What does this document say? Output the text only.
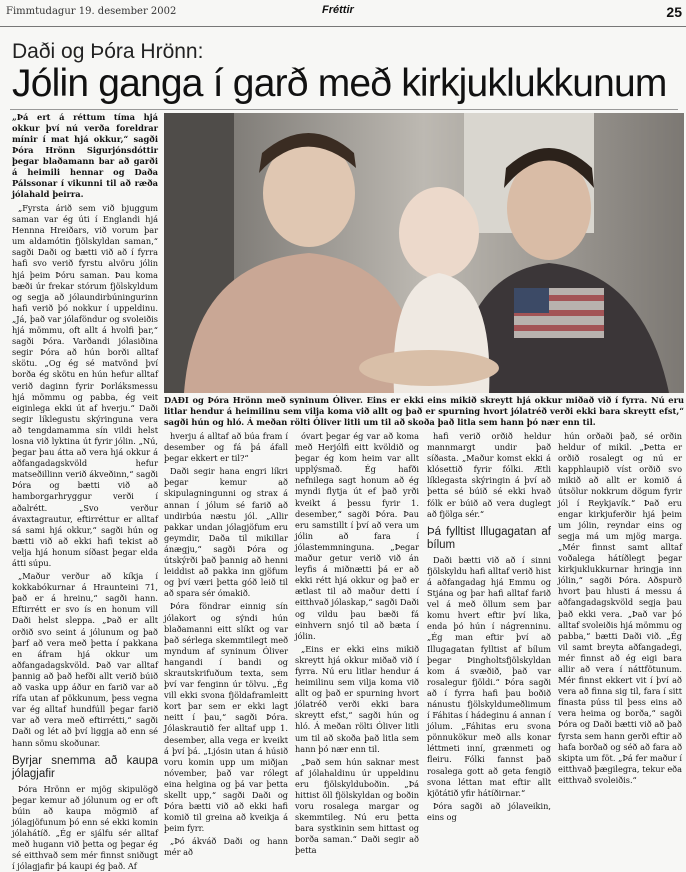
Fimmtudagur 19. desember 2002	Fréttir	25
Daði og Þóra Hrönn:
Jólin ganga í garð með kirkjuklukkunum

„Þá ert á réttum tíma hjá okkur því nú verða foreldrar mínir í mat hjá okkur,“ sagði Þóra Hrönn Sigurjónsdóttir þegar blaðamann bar að garði á heimili hennar og Daða Pálssonar í vikunni til að ræða jólahald þeirra.

„Fyrsta árið sem við bjuggum saman var ég úti í Englandi hjá Hennna Hreiðars, við vorum þar um aldamótin fjölskyldan saman,“ sagði Daði og bætti við að í fyrra hafi svo verið fyrstu alvöru jólin hjá þeim Þóru saman. Þau koma bæði úr frekar stórum fjölskyldum og segja að jólaundirbúningurinn hafi verið þó nokkur í uppeldinu. „Já, það var jólaföndur og svoleiðis hjá mömmu, oft allt á hvolfi þar,“ sagði Þóra. Varðandi jólasiðina segir Þóra að hún borði alltaf skötu. „Og ég sé matvönd því borða ég skötu en hún hefur alltaf verið daginn fyrir Þorláksmessu hjá mömmu og pabba, ég veit eiginlega ekki út af hverju.“ Daði segir líklegustu skýringuna vera að tengdamamma sín vildi helst losna við lyktina út fyrir jólin. „Nú, þegar þau átta að vera hjá okkur á aðfangadagskvöld hefur matseðillinn verið ákveðinn,“ sagði Þóra og bætti við að hamborgarhryggur verði í aðalrétt. „Svo verður ávaxtagrautur, eftirréttur er alltaf sá sami hjá okkur,“ sagði hún og bætti við að ekki hafi tekist að velja hjá honum síðast þegar elda átti súpu.

„Maður verður að kíkja í kokkabókurnar á Hraunteini 71, það er á hreinu,“ sagði hann. Eftirrétt er svo ís en honum vill Daði helst sleppa. „Það er allt orðið svo seint á jólunum og það þarf að vera með þetta í pakkana en áfram hjá okkur um aðfangadagskvöld. Það var alltaf þannig að það hefði allt verið búið að vaska upp áður en farið var að rífa utan af pökkunum, þess vegna var ég alltaf hundfúll þegar farið var að vera með eftirrétti,“ sagði Daði og lét að því liggja að enn sé hann sömu skoðunar.

Byrjar snemma að kaupa jólagjafir

Þóra Hrönn er mjög skipulögð þegar kemur að jólunum og er oft búin að kaupa mögmið af jólagjöfunum þó enn sé ekki komin jólahátíð. „Ég er sjálfu sér alltaf með hugann við þetta og þegar ég sé eitthvað sem mér finnst sniðugt í jólagjafir þá kaupi ég það. Af

DAÐI og Þóra Hrönn með syninum Óliver. Eins er ekki eins mikið skreytt hjá okkur miðað við í fyrra. Nú eru litlar hendur á heimilinu sem vilja koma við allt og það er spurning hvort jólatréð verði ekki bara skreytt efst,“ sagði hún og hló. Á meðan rölti Óliver litli um til að skoða það litla sem hann þó nær enn til.

hverju á alltaf að búa fram í desember og fá þá áfall þegar ekkert er til?“

Daði segir hana engri líkri þegar kemur að skipulagningunni og strax á annan í jólum sé farið að undirbúa næstu jól. „Allir pakkar undan jólagjöfum eru geymdir, Daða til mikillar ánægju,“ sagði Þóra og útskýrði það þannig að henni leiddist að pakka inn gjöfum og því væri þetta góð leið til að spara sér ómakið.

Þóra föndrar einnig sín jólakort og sýndi hún blaðamanni eitt slíkt og var það sérlega skemmtilegt með myndum af syninum Óliver hangandi í bandi og skrautskrifuðum texta, sem því var fenginn úr tölvu. „Ég vill ekki svona fjöldaframleitt kort þar sem er ekki lagt neitt í þau,“ sagði Þóra. Jólaskrautið fer alltaf upp 1. desember, alla vega er kveikt á því þá. „Ljósin utan á húsið voru komin upp um miðjan nóvember, það var rólegt eina helgina og þá var þetta skellt upp,“ sagði Daði og Þóra bætti við að ekki hafi komið til greina að kveikja á þeim fyrr.

„Þó ákváð Daði og hann mér að

óvart þegar ég var að koma með Herjólfi eitt kvöldið og þegar ég kom heim var allt upplýsmað. Ég hafði nefnilega sagt honum að ég myndi flytja út ef það yrði kveikt á þessu fyrir 1. desember,“ sagði Þóra. Þau eru samstillt í því að vera um jólin að fara í jólastemmninguna. „Þegar maður getur verið við án leyfis á miðnætti þá er að ekki rétt hjá okkur og það er ætlast til að maður detti í eitthvað jólaskap,“ sagði Daði og vildu þau bæði fá einhvern snjó til að bæta í jólin.

„Eins er ekki eins mikið skreytt hjá okkur miðað við í fyrra. Nú eru litlar hendur á heimilinu sem vilja koma við allt og það er spurning hvort jólatréð verði ekki bara skreytt efst,“ sagði hún og hló. Á meðan rölti Óliver litli um til að skoða það litla sem hann þó nær enn til.

„Það sem hún saknar mest af jólahaldinu úr uppeldinu eru fjölskylduboðin. „Þá hittist öll fjölskyldan og boðin voru rosalega margar og skemmtileg. Nú eru þetta bara systkinin sem hittast og borða saman.“ Daði segir að þetta

hafi verið orðið heldur mannmargt undir það síðasta. „Maður komst ekki á klósettið fyrir fólki. Ætli líklegasta skýringin á því að þetta sé búið sé ekki hvað fólk er búið að vera duglegt að fjölga sér.“

Þá fylltist Illugagatan af bílum

Daði bætti við að í sinni fjölskyldu hafi alltaf verið hist á aðfangadag hjá Emmu og Stjána og þar hafi alltaf farið vel á með öllum sem þar komu hvert eftir því lika, enda þó hún í nágrenninu. „Ég man eftir því að Illugagatan fylltist af bílum þegar Þingholtsfjölskyldan kom á svæðið, það var rosalegur fjöldi.“ Þóra sagði að í fyrra hafi þau boðið nánustu fjölskyldumeðlimum í Fáhitas í hádeginu á annan í jólum. „Fáhitas eru svona pönnukökur með alls konar léttmeti inní, grænmeti og fleiru. Fólki fannst það rosalega gott að geta fengið svona léttan mat eftir allt kjötátið yfir hátíðirnar.“

Þóra sagði að jólaveikin, eins og

hún orðaði það, sé orðin heldur of mikil. „Þetta er orðið rosalegt og nú er kapphlaupið víst orðið svo mikið að allt er komið á útsölur nokkrum dögum fyrir jól í Reykjavík.“ Það eru engar kirkjuferðir hjá þeim um jólin, reyndar eins og segja má um mjög marga. „Mér finnst samt alltaf voðalega hátíðlegt þegar kirkjuklukkurnar hringja inn jólin,“ sagði Þóra. Aðspurð hvort þau hlusti á messu á aðfangadagskvöld segja þau það ekki vera. „Það var þó alltaf svoleiðis hjá mömmu og pabba,“ bætti Daði við. „Ég vil samt breyta aðfangadegi, mér finnst að ég eigi bara allir að vera í náttfötunum. Mér finnst ekkert vit í því að vera að finna sig til, fara í sitt fínasta púss til þess eins að vera heima og borða,“ sagði Þóra og Daði bætti við að það fyrsta sem hann gerði eftir að hafa borðað og séð að fara að skipta um föt. „Þá fer maður í eitthvað þægilegra, tekur eða eitthvað svoleiðis.“
